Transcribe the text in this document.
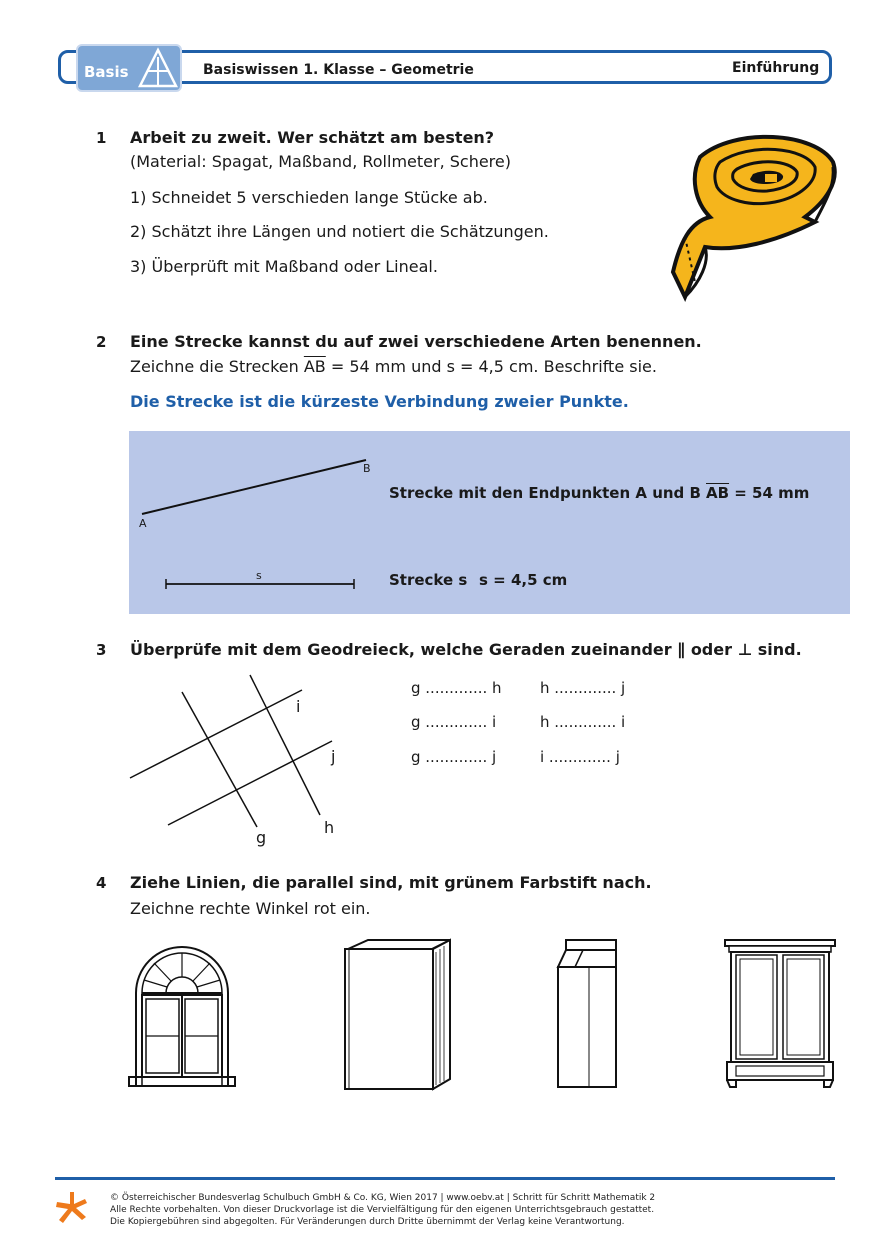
Basis	Basiswissen 1. Klasse – Geometrie	Einführung
1 Arbeit zu zweit. Wer schätzt am besten?
(Material: Spagat, Maßband, Rollmeter, Schere)
1) Schneidet 5 verschieden lange Stücke ab.
2) Schätzt ihre Längen und notiert die Schätzungen.
3) Überprüft mit Maßband oder Lineal.
2 Eine Strecke kannst du auf zwei verschiedene Arten benennen.
Zeichne die Strecken $\overline{AB} = 54$ mm und s = 4,5 cm. Beschrifte sie.
Die Strecke ist die kürzeste Verbindung zweier Punkte.
A
B
s
Strecke mit den Endpunkten A und B $\overline{AB} = 54$ mm
Strecke s s = 4,5 cm
3 Überprüfe mit dem Geodreieck, welche Geraden zueinander ∥ oder ⊥ sind.
i
j
g
h
g ............. h	h ............. j
g ............. i	h ............. i
g ............. j	i ............. j
4 Ziehe Linien, die parallel sind, mit grünem Farbstift nach.
Zeichne rechte Winkel rot ein.
© Österreichischer Bundesverlag Schulbuch GmbH & Co. KG, Wien 2017 | www.oebv.at | Schritt für Schritt Mathematik 2
Alle Rechte vorbehalten. Von dieser Druckvorlage ist die Vervielfältigung für den eigenen Unterrichtsgebrauch gestattet.
Die Kopiergebühren sind abgegolten. Für Veränderungen durch Dritte übernimmt der Verlag keine Verantwortung.
